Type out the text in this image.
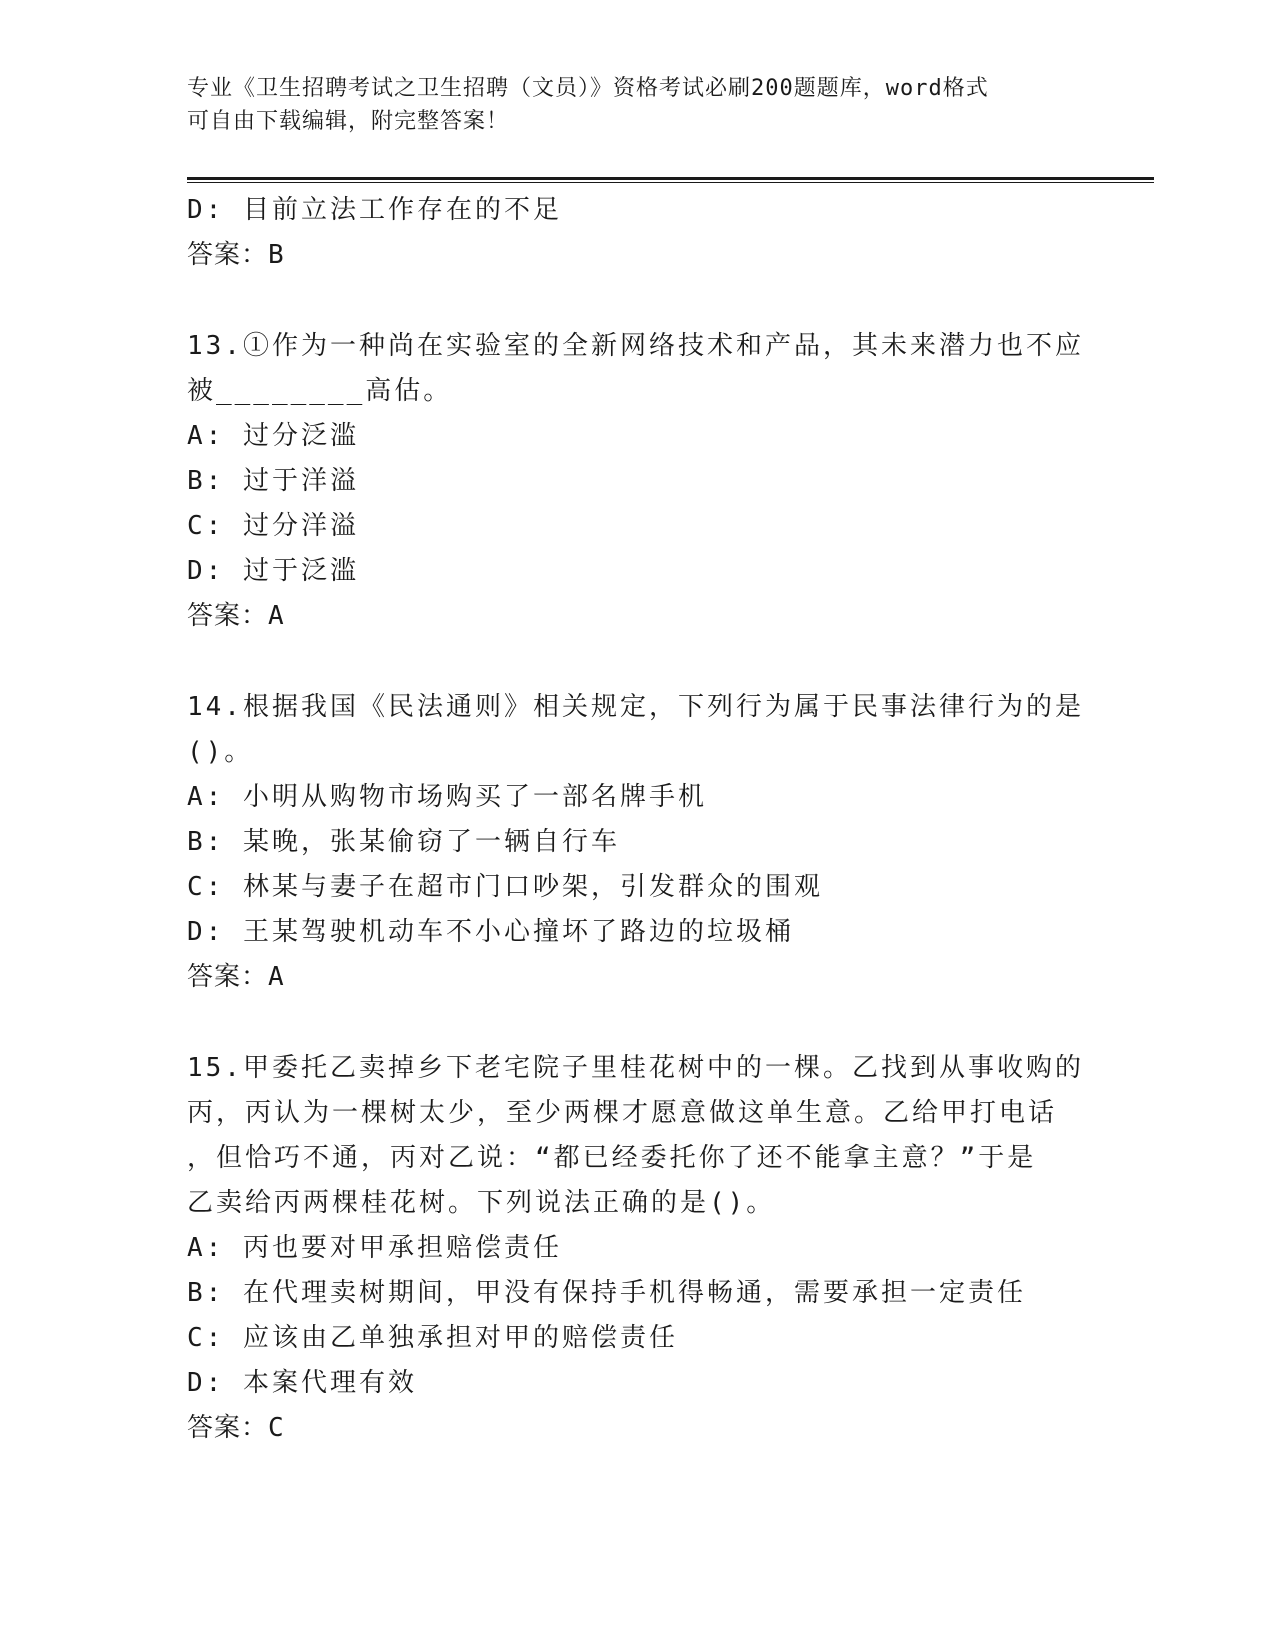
专业《卫生招聘考试之卫生招聘（文员）》资格考试必刷200题题库，word格式
可自由下载编辑，附完整答案！
D: 目前立法工作存在的不足
答案：B
13.①作为一种尚在实验室的全新网络技术和产品，其未来潜力也不应
被________高估。
A: 过分泛滥
B: 过于洋溢
C: 过分洋溢
D: 过于泛滥
答案：A
14.根据我国《民法通则》相关规定，下列行为属于民事法律行为的是
()。
A: 小明从购物市场购买了一部名牌手机
B: 某晚，张某偷窃了一辆自行车
C: 林某与妻子在超市门口吵架，引发群众的围观
D: 王某驾驶机动车不小心撞坏了路边的垃圾桶
答案：A
15.甲委托乙卖掉乡下老宅院子里桂花树中的一棵。乙找到从事收购的
丙，丙认为一棵树太少，至少两棵才愿意做这单生意。乙给甲打电话
，但恰巧不通，丙对乙说：“都已经委托你了还不能拿主意？”于是
乙卖给丙两棵桂花树。下列说法正确的是()。
A: 丙也要对甲承担赔偿责任
B: 在代理卖树期间，甲没有保持手机得畅通，需要承担一定责任
C: 应该由乙单独承担对甲的赔偿责任
D: 本案代理有效
答案：C
